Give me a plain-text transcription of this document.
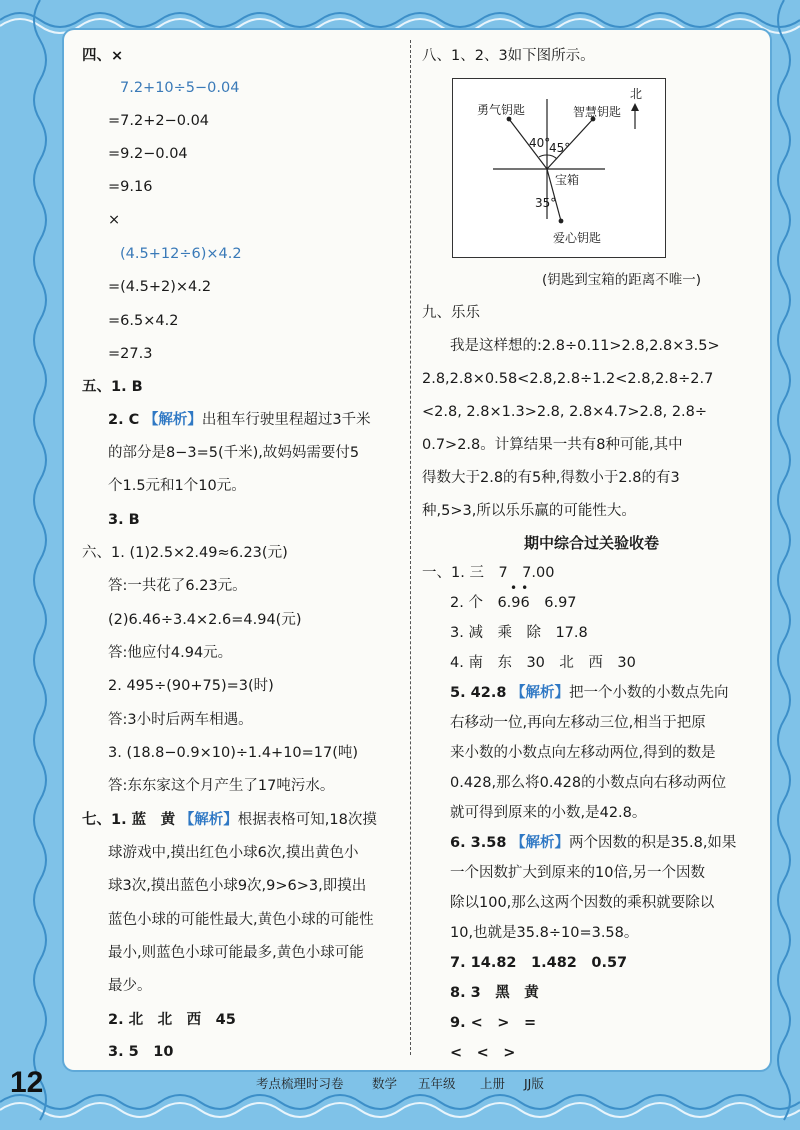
四、×
7.2+10÷5−0.04
=7.2+2−0.04
=9.2−0.04
=9.16
×
(4.5+12÷6)×4.2
=(4.5+2)×4.2
=6.5×4.2
=27.3
五、1. B
2. C 【解析】出租车行驶里程超过3千米
的部分是8−3=5(千米),故妈妈需要付5
个1.5元和1个10元。
3. B
六、1. (1)2.5×2.49≈6.23(元)
答:一共花了6.23元。
(2)6.46÷3.4×2.6=4.94(元)
答:他应付4.94元。
2. 495÷(90+75)=3(时)
答:3小时后两车相遇。
3. (18.8−0.9×10)÷1.4+10=17(吨)
答:东东家这个月产生了17吨污水。
七、1. 蓝　黄 【解析】根据表格可知,18次摸
球游戏中,摸出红色小球6次,摸出黄色小
球3次,摸出蓝色小球9次,9>6>3,即摸出
蓝色小球的可能性最大,黄色小球的可能性
最小,则蓝色小球可能最多,黄色小球可能
最少。
2. 北　北　西　45
3. 5　10
八、1、2、3如下图所示。
勇气钥匙	智慧钥匙
北
40°
45°
宝箱
35°
爱心钥匙
(钥匙到宝箱的距离不唯一)
九、乐乐
我是这样想的:2.8÷0.11>2.8,2.8×3.5>
2.8,2.8×0.58<2.8,2.8÷1.2<2.8,2.8÷2.7
<2.8, 2.8×1.3>2.8, 2.8×4.7>2.8, 2.8÷
0.7>2.8。计算结果一共有8种可能,其中
得数大于2.8的有5种,得数小于2.8的有3
种,5>3,所以乐乐赢的可能性大。
期中综合过关验收卷
一、1. 三　7　7.00
••
2. 个　6.96　6.97
3. 减　乘　除　17.8
4. 南　东　30　北　西　30
5. 42.8 【解析】把一个小数的小数点先向
右移动一位,再向左移动三位,相当于把原
来小数的小数点向左移动两位,得到的数是
0.428,那么将0.428的小数点向右移动两位
就可得到原来的小数,是42.8。
6. 3.58 【解析】两个因数的积是35.8,如果
一个因数扩大到原来的10倍,另一个因数
除以100,那么这两个因数的乘积就要除以
10,也就是35.8÷10=3.58。
7. 14.82　1.482　0.57
8. 3　黑　黄
9. <　>　=
<　<　>
12	考点梳理时习卷 数学 五年级 上册 JJ版
